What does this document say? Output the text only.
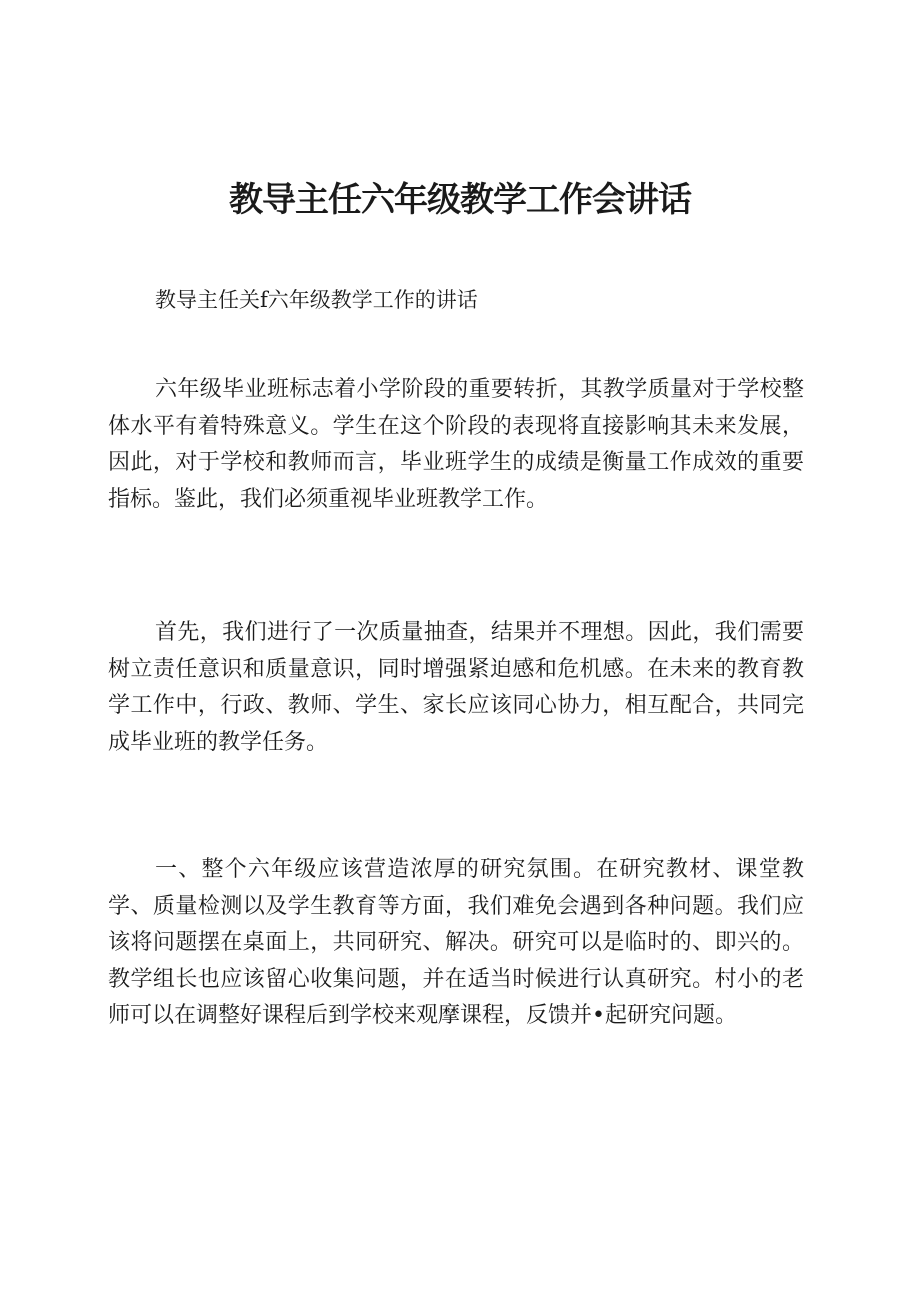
教导主任六年级教学工作会讲话

教导主任关f六年级教学工作的讲话

六年级毕业班标志着小学阶段的重要转折，其教学质量对于学校整体水平有着特殊意义。学生在这个阶段的表现将直接影响其未来发展，因此，对于学校和教师而言，毕业班学生的成绩是衡量工作成效的重要指标。鉴此，我们必须重视毕业班教学工作。

首先，我们进行了一次质量抽查，结果并不理想。因此，我们需要树立责任意识和质量意识，同时增强紧迫感和危机感。在未来的教育教学工作中，行政、教师、学生、家长应该同心协力，相互配合，共同完成毕业班的教学任务。

一、整个六年级应该营造浓厚的研究氛围。在研究教材、课堂教学、质量检测以及学生教育等方面，我们难免会遇到各种问题。我们应该将问题摆在桌面上，共同研究、解决。研究可以是临时的、即兴的。教学组长也应该留心收集问题，并在适当时候进行认真研究。村小的老师可以在调整好课程后到学校来观摩课程，反馈并•起研究问题。
